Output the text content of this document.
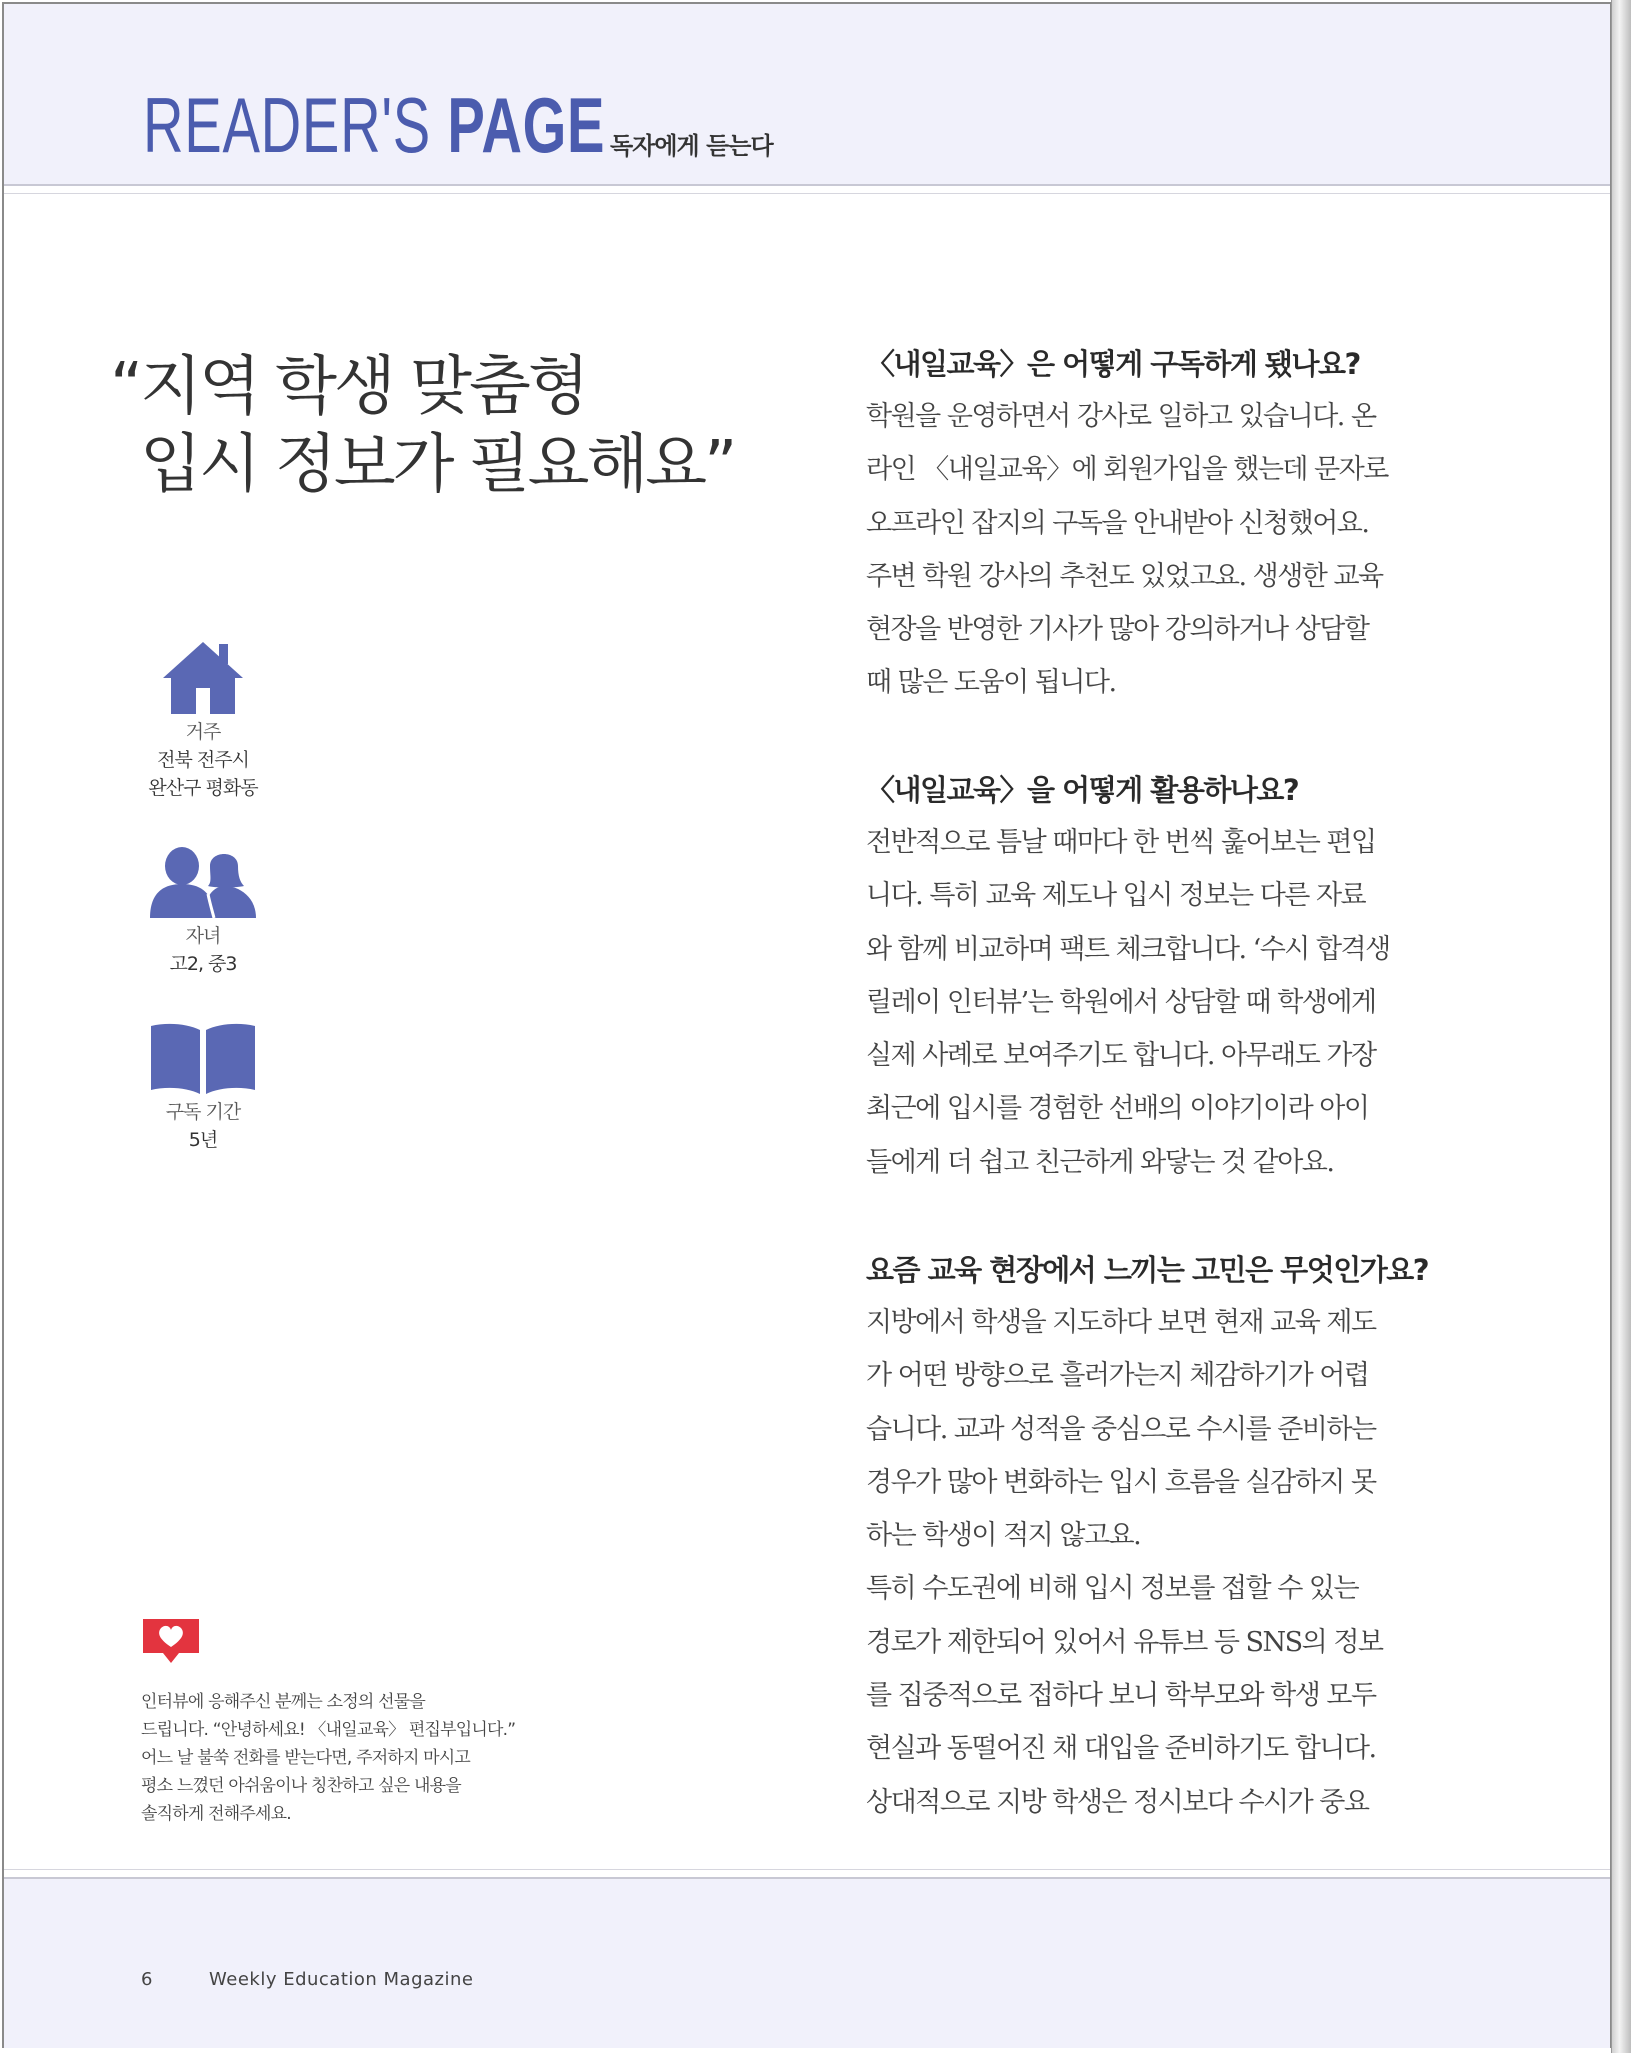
READER'S PAGE 독자에게 듣는다
“지역 학생 맞춤형
입시 정보가 필요해요”
거주
전북 전주시
완산구 평화동
자녀
고2, 중3
구독 기간
5년
인터뷰에 응해주신 분께는 소정의 선물을
드립니다. “안녕하세요! 〈내일교육〉 편집부입니다.”
어느 날 불쑥 전화를 받는다면, 주저하지 마시고
평소 느꼈던 아쉬움이나 칭찬하고 싶은 내용을
솔직하게 전해주세요.
〈내일교육〉은 어떻게 구독하게 됐나요?
학원을 운영하면서 강사로 일하고 있습니다. 온
라인 〈내일교육〉에 회원가입을 했는데 문자로
오프라인 잡지의 구독을 안내받아 신청했어요.
주변 학원 강사의 추천도 있었고요. 생생한 교육
현장을 반영한 기사가 많아 강의하거나 상담할
때 많은 도움이 됩니다.
〈내일교육〉을 어떻게 활용하나요?
전반적으로 틈날 때마다 한 번씩 훑어보는 편입
니다. 특히 교육 제도나 입시 정보는 다른 자료
와 함께 비교하며 팩트 체크합니다. ‘수시 합격생
릴레이 인터뷰’는 학원에서 상담할 때 학생에게
실제 사례로 보여주기도 합니다. 아무래도 가장
최근에 입시를 경험한 선배의 이야기이라 아이
들에게 더 쉽고 친근하게 와닿는 것 같아요.
요즘 교육 현장에서 느끼는 고민은 무엇인가요?
지방에서 학생을 지도하다 보면 현재 교육 제도
가 어떤 방향으로 흘러가는지 체감하기가 어렵
습니다. 교과 성적을 중심으로 수시를 준비하는
경우가 많아 변화하는 입시 흐름을 실감하지 못
하는 학생이 적지 않고요.
특히 수도권에 비해 입시 정보를 접할 수 있는
경로가 제한되어 있어서 유튜브 등 SNS의 정보
를 집중적으로 접하다 보니 학부모와 학생 모두
현실과 동떨어진 채 대입을 준비하기도 합니다.
상대적으로 지방 학생은 정시보다 수시가 중요
6	Weekly Education Magazine
